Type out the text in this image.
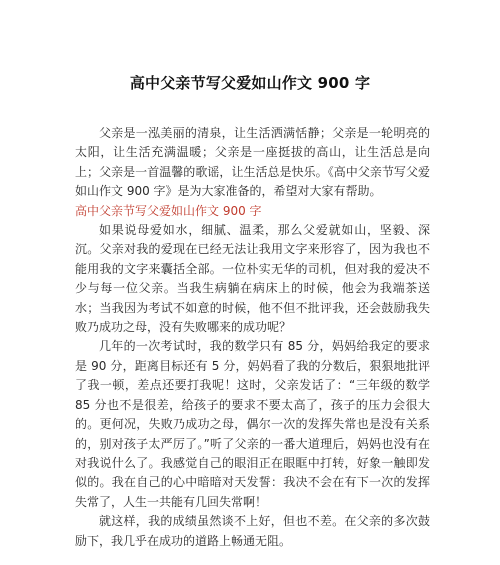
高中父亲节写父爱如山作文 900 字

父亲是一泓美丽的清泉，让生活洒满恬静；父亲是一轮明亮的太阳，让生活充满温暖；父亲是一座挺拔的高山，让生活总是向上；父亲是一首温馨的歌谣，让生活总是快乐。《高中父亲节写父爱如山作文 900 字》是为大家准备的，希望对大家有帮助。

高中父亲节写父爱如山作文 900 字

如果说母爱如水，细腻、温柔，那么父爱就如山，坚毅、深沉。父亲对我的爱现在已经无法让我用文字来形容了，因为我也不能用我的文字来囊括全部。一位朴实无华的司机，但对我的爱决不少与每一位父亲。当我生病躺在病床上的时候，他会为我端茶送水；当我因为考试不如意的时候，他不但不批评我，还会鼓励我失败乃成功之母，没有失败哪来的成功呢？

几年的一次考试时，我的数学只有 85 分，妈妈给我定的要求是 90 分，距离目标还有 5 分，妈妈看了我的分数后，狠狠地批评了我一顿，差点还要打我呢！这时，父亲发话了：“三年级的数学 85 分也不是很差，给孩子的要求不要太高了，孩子的压力会很大的。更何况，失败乃成功之母，偶尔一次的发挥失常也是没有关系的，别对孩子太严厉了。”听了父亲的一番大道理后，妈妈也没有在对我说什么了。我感觉自己的眼泪正在眼眶中打转，好象一触即发似的。我在自己的心中暗暗对天发誓：我决不会在有下一次的发挥失常了，人生一共能有几回失常啊！

就这样，我的成绩虽然谈不上好，但也不差。在父亲的多次鼓励下，我几乎在成功的道路上畅通无阻。
